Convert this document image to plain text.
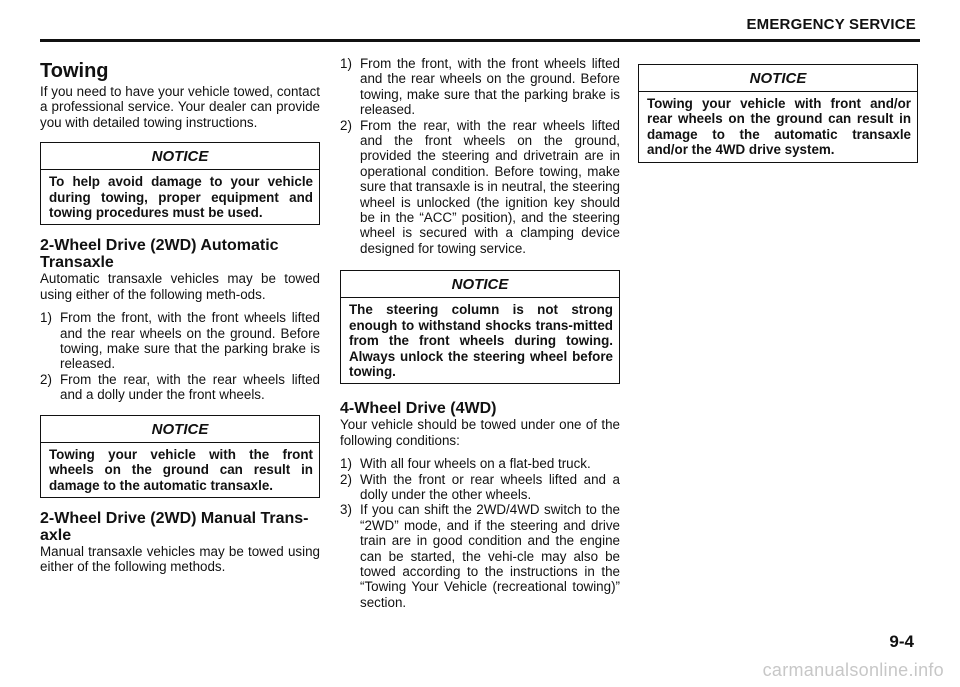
EMERGENCY SERVICE
Towing

If you need to have your vehicle towed, contact a professional service. Your dealer can provide you with detailed towing instructions.

NOTICE
To help avoid damage to your vehicle during towing, proper equipment and towing procedures must be used.
2-Wheel Drive (2WD) Automatic Transaxle

Automatic transaxle vehicles may be towed using either of the following meth-ods.

1) From the front, with the front wheels lifted and the rear wheels on the ground. Before towing, make sure that the parking brake is released.
2) From the rear, with the rear wheels lifted and a dolly under the front wheels.
NOTICE
Towing your vehicle with the front wheels on the ground can result in damage to the automatic transaxle.
2-Wheel Drive (2WD) Manual Trans-axle

Manual transaxle vehicles may be towed using either of the following methods.

1) From the front, with the front wheels lifted and the rear wheels on the ground. Before towing, make sure that the parking brake is released.
2) From the rear, with the rear wheels lifted and the front wheels on the ground, provided the steering and drivetrain are in operational condition. Before towing, make sure that transaxle is in neutral, the steering wheel is unlocked (the ignition key should be in the “ACC” position), and the steering wheel is secured with a clamping device designed for towing service.
NOTICE
The steering column is not strong enough to withstand shocks trans-mitted from the front wheels during towing. Always unlock the steering wheel before towing.
4-Wheel Drive (4WD)

Your vehicle should be towed under one of the following conditions:

1) With all four wheels on a flat-bed truck.
2) With the front or rear wheels lifted and a dolly under the other wheels.
3) If you can shift the 2WD/4WD switch to the “2WD” mode, and if the steering and drive train are in good condition and the engine can be started, the vehi-cle may also be towed according to the instructions in the “Towing Your Vehicle (recreational towing)” section.
NOTICE
Towing your vehicle with front and/or rear wheels on the ground can result in damage to the automatic transaxle and/or the 4WD drive system.
9-4
carmanualsonline.info
